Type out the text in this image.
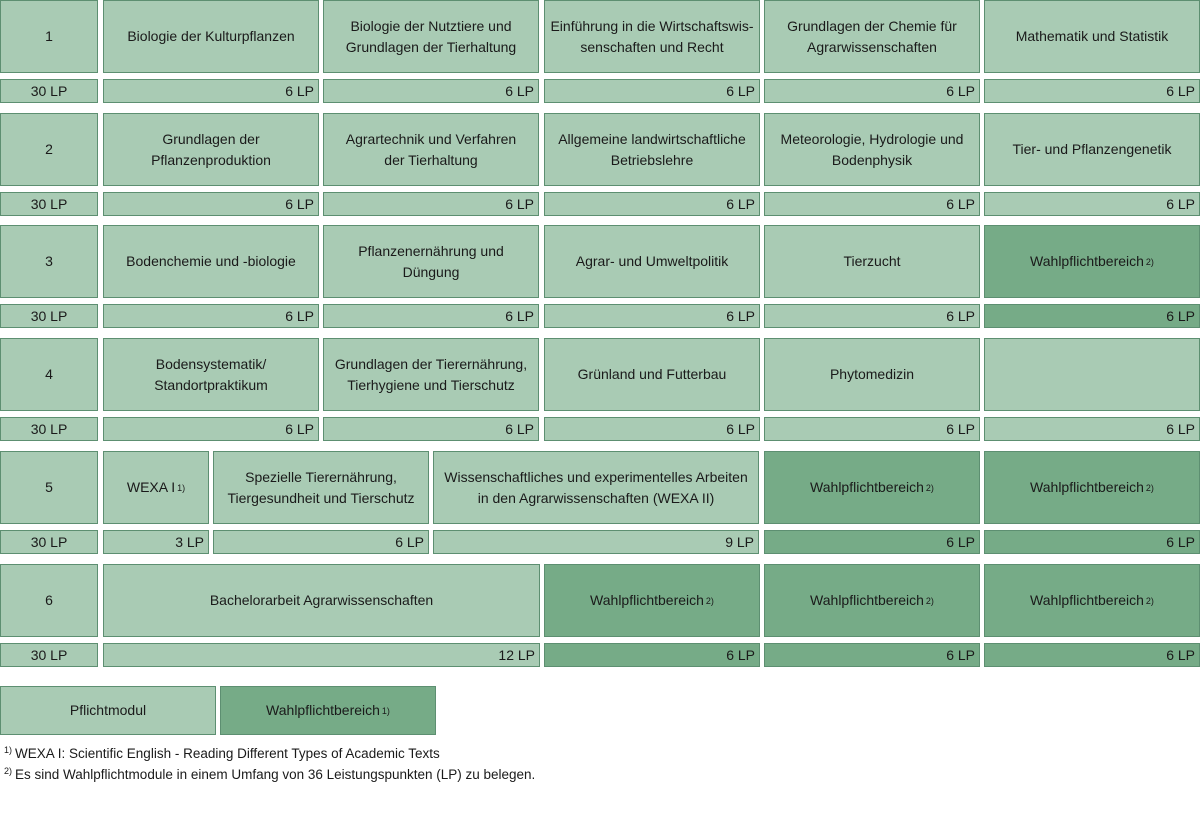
1
30 LP
Biologie der Kulturpflanzen
6 LP
Biologie der Nutztiere und
Grundlagen der Tierhaltung
6 LP
Einführung in die Wirtschaftswis-
senschaften und Recht
6 LP
Grundlagen der Chemie für
Agrarwissenschaften
6 LP
Mathematik und Statistik
6 LP
2
30 LP
Grundlagen der
Pflanzenproduktion
6 LP
Agrartechnik und Verfahren
der Tierhaltung
6 LP
Allgemeine landwirtschaftliche
Betriebslehre
6 LP
Meteorologie, Hydrologie und
Bodenphysik
6 LP
Tier- und Pflanzengenetik
6 LP
3
30 LP
Bodenchemie und -biologie
6 LP
Pflanzenernährung und Düngung
6 LP
Agrar- und Umweltpolitik
6 LP
Tierzucht
6 LP
Wahlpflichtbereich 2)
6 LP
4
30 LP
Bodensystematik/
Standortpraktikum
6 LP
Grundlagen der Tierernährung,
Tierhygiene und Tierschutz
6 LP
Grünland und Futterbau
6 LP
Phytomedizin
6 LP	6 LP
5
30 LP
WEXA I 1)
3 LP
Spezielle Tierernährung,
Tiergesundheit und Tierschutz
6 LP
Wissenschaftliches und experimentelles Arbeiten
in den Agrarwissenschaften (WEXA II)
9 LP
Wahlpflichtbereich 2)
6 LP
Wahlpflichtbereich 2)
6 LP
6
30 LP
Bachelorarbeit Agrarwissenschaften
12 LP
Wahlpflichtbereich 2)
6 LP
Wahlpflichtbereich 2)
6 LP
Wahlpflichtbereich 2)
6 LP
Pflichtmodul	Wahlpflichtbereich 1)
$^{1)}$ WEXA I: Scientific English - Reading Different Types of Academic Texts
$^{2)}$ Es sind Wahlpflichtmodule in einem Umfang von 36 Leistungspunkten (LP) zu belegen.
